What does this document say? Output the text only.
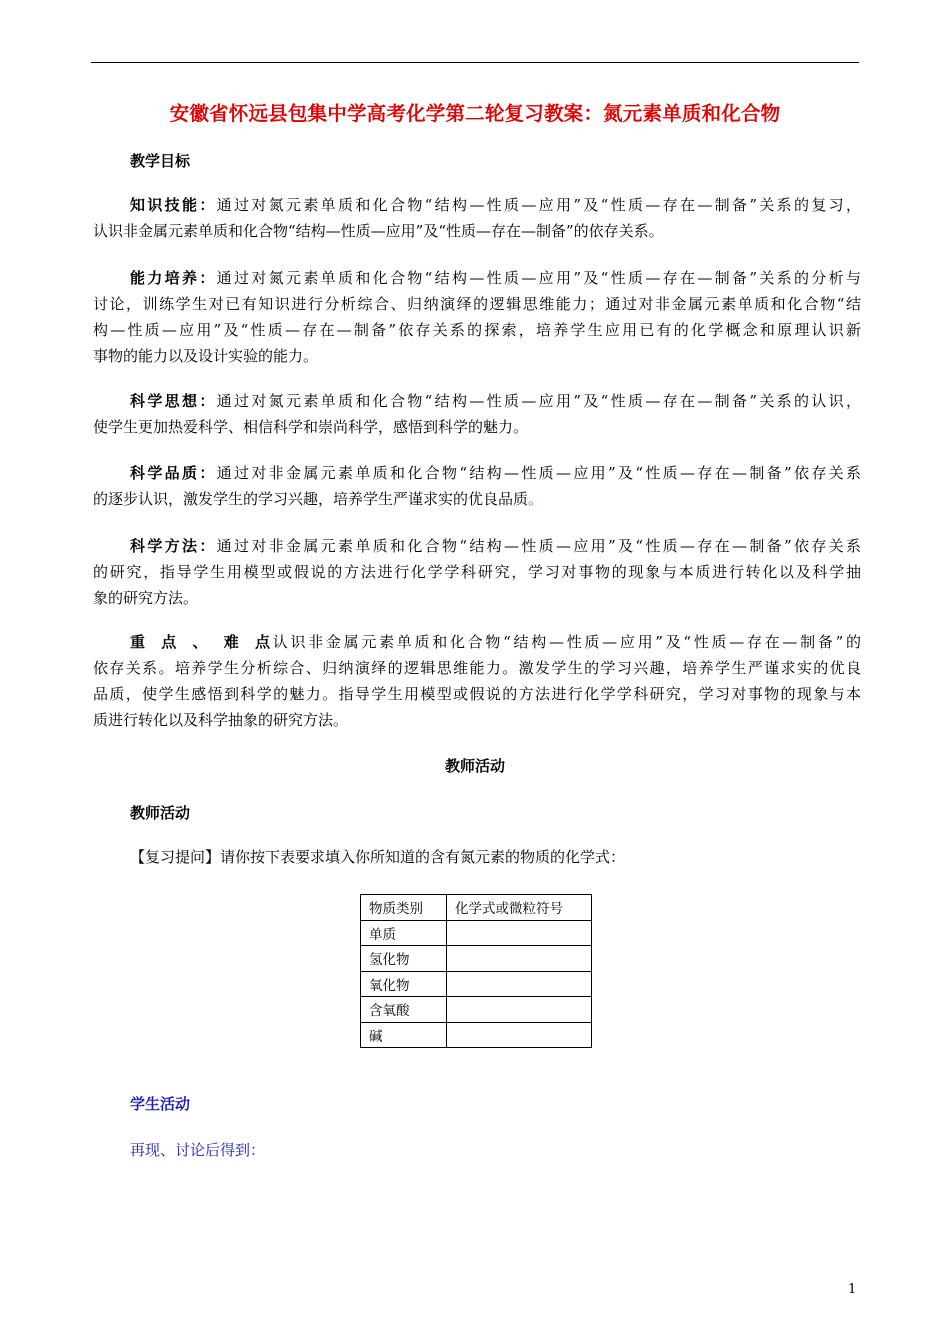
安徽省怀远县包集中学高考化学第二轮复习教案：氮元素单质和化合物
教学目标
知识技能：通过对氮元素单质和化合物“结构—性质—应用”及“性质—存在—制备”关系的复习，
认识非金属元素单质和化合物“结构—性质—应用”及“性质—存在—制备”的依存关系。
能力培养：通过对氮元素单质和化合物“结构—性质—应用”及“性质—存在—制备”关系的分析与
讨论，训练学生对已有知识进行分析综合、归纳演绎的逻辑思维能力；通过对非金属元素单质和化合物“结
构—性质—应用”及“性质—存在—制备”依存关系的探索，培养学生应用已有的化学概念和原理认识新
事物的能力以及设计实验的能力。
科学思想：通过对氮元素单质和化合物“结构—性质—应用”及“性质—存在—制备”关系的认识，
使学生更加热爱科学、相信科学和崇尚科学，感悟到科学的魅力。
科学品质：通过对非金属元素单质和化合物“结构—性质—应用”及“性质—存在—制备”依存关系
的逐步认识，激发学生的学习兴趣，培养学生严谨求实的优良品质。
科学方法：通过对非金属元素单质和化合物“结构—性质—应用”及“性质—存在—制备”依存关系
的研究，指导学生用模型或假说的方法进行化学学科研究，学习对事物的现象与本质进行转化以及科学抽
象的研究方法。
重点、难点认识非金属元素单质和化合物“结构—性质—应用”及“性质—存在—制备”的
依存关系。培养学生分析综合、归纳演绎的逻辑思维能力。激发学生的学习兴趣，培养学生严谨求实的优良
品质，使学生感悟到科学的魅力。指导学生用模型或假说的方法进行化学学科研究，学习对事物的现象与本
质进行转化以及科学抽象的研究方法。
教师活动
教师活动
【复习提问】请你按下表要求填入你所知道的含有氮元素的物质的化学式：
物质类别	化学式或微粒符号
单质	
氢化物	
氧化物	
含氧酸	
碱	
学生活动
再现、讨论后得到：
1
